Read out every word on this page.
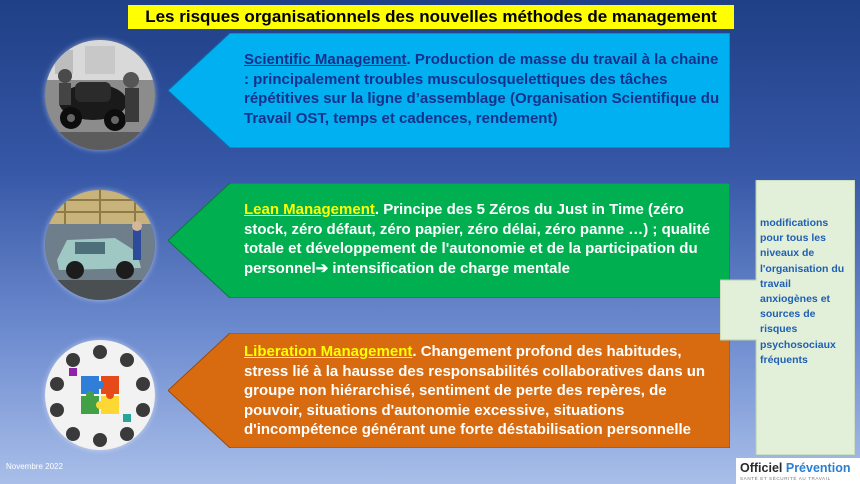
Les risques organisationnels des nouvelles méthodes de management
Scientific Management. Production de masse du travail à la chaine : principalement troubles musculosquelettiques des tâches répétitives sur la ligne d’assemblage (Organisation Scientifique du Travail OST, temps et cadences, rendement)
Lean Management. Principe des 5 Zéros du Just in Time (zéro stock, zéro défaut, zéro papier, zéro délai, zéro panne …) ; qualité totale et développement de l'autonomie et de la participation du personnel➔ intensification de charge mentale
Liberation Management. Changement profond des habitudes, stress lié à la hausse des responsabilités collaboratives dans un groupe non hiérarchisé, sentiment de perte des repères, de pouvoir, situations d'autonomie excessive, situations d'incompétence générant une forte déstabilisation personnelle
modifications pour tous les niveaux de l'organisation du travail anxiogènes et sources de risques psychosociaux fréquents
Novembre 2022	Officiel Prévention
SANTÉ ET SÉCURITÉ AU TRAVAIL
